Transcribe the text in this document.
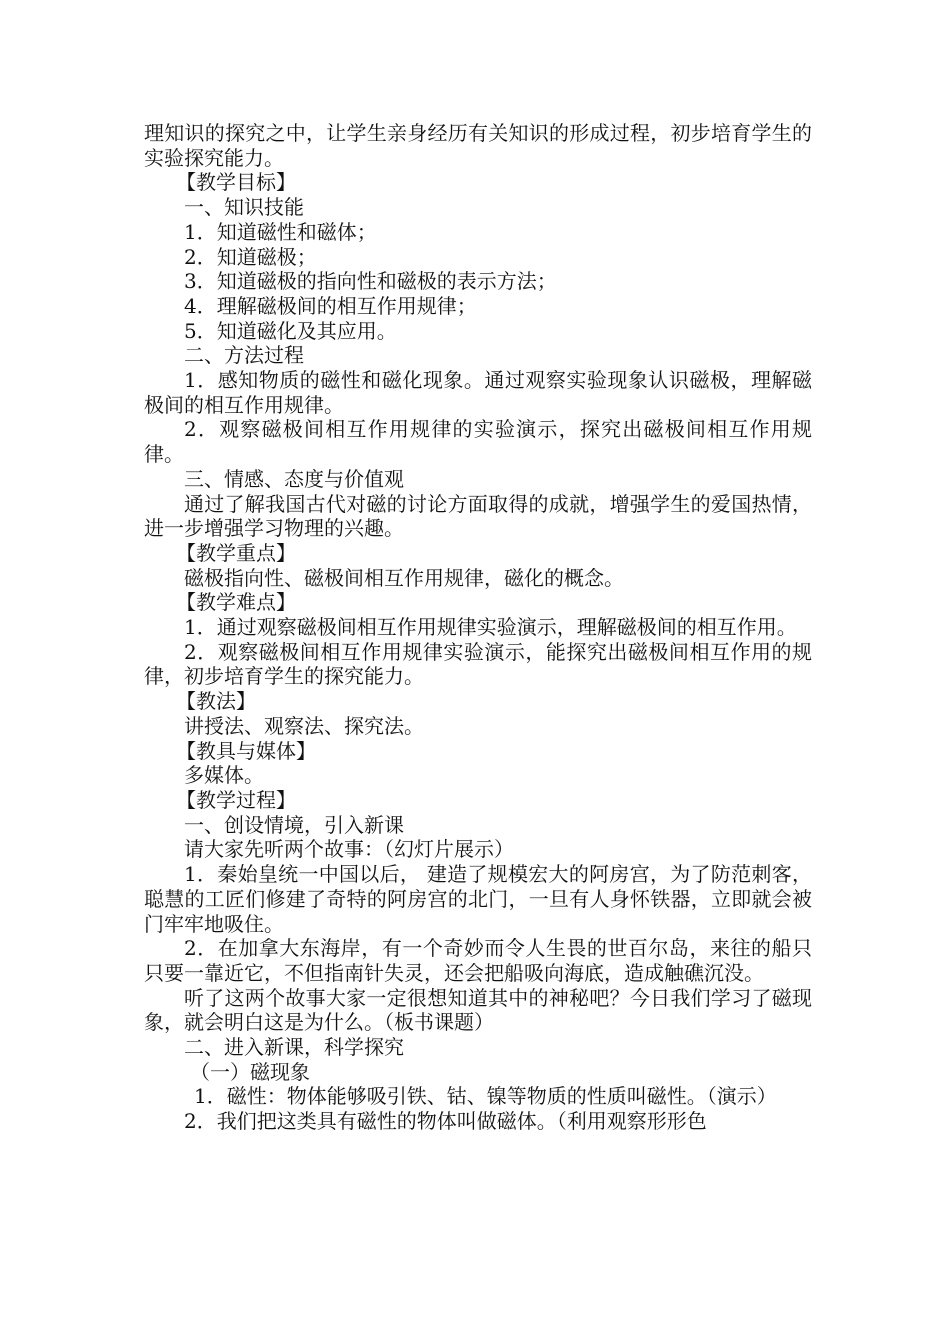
理知识的探究之中，让学生亲身经历有关知识的形成过程，初步培育学生的实验探究能力。

【教学目标】

一、知识技能

1．知道磁性和磁体；

2．知道磁极；

3．知道磁极的指向性和磁极的表示方法；

4．理解磁极间的相互作用规律；

5．知道磁化及其应用。

二、方法过程

1．感知物质的磁性和磁化现象。通过观察实验现象认识磁极，理解磁极间的相互作用规律。

2．观察磁极间相互作用规律的实验演示，探究出磁极间相互作用规律。

三、情感、态度与价值观

通过了解我国古代对磁的讨论方面取得的成就，增强学生的爱国热情，进一步增强学习物理的兴趣。

【教学重点】

磁极指向性、磁极间相互作用规律，磁化的概念。

【教学难点】

1．通过观察磁极间相互作用规律实验演示，理解磁极间的相互作用。

2．观察磁极间相互作用规律实验演示，能探究出磁极间相互作用的规律，初步培育学生的探究能力。

【教法】

讲授法、观察法、探究法。

【教具与媒体】

多媒体。

【教学过程】

一、创设情境，引入新课

请大家先听两个故事：（幻灯片展示）

1．秦始皇统一中国以后， 建造了规模宏大的阿房宫，为了防范刺客，聪慧的工匠们修建了奇特的阿房宫的北门，一旦有人身怀铁器，立即就会被门牢牢地吸住。

2．在加拿大东海岸，有一个奇妙而令人生畏的世百尔岛，来往的船只只要一靠近它，不但指南针失灵，还会把船吸向海底，造成触礁沉没。

听了这两个故事大家一定很想知道其中的神秘吧？今日我们学习了磁现象，就会明白这是为什么。（板书课题）

二、进入新课，科学探究

（一）磁现象

1．磁性：物体能够吸引铁、钴、镍等物质的性质叫磁性。（演示）

2．我们把这类具有磁性的物体叫做磁体。（利用观察形形色
